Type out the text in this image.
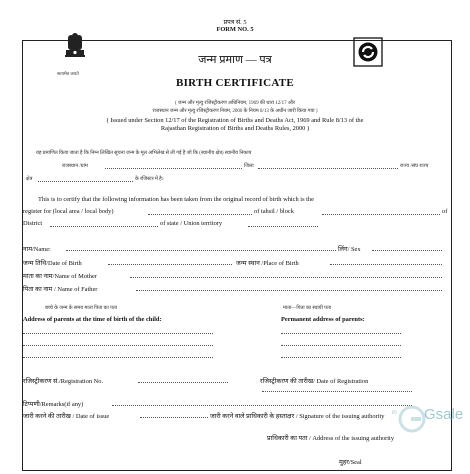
प्रपत्र सं. 5
FORM NO. 5
सत्यमेव जयते
जन्म प्रमाण — पत्र
BIRTH CERTIFICATE
( जन्म और मृत्यु रजिस्ट्रीकरण अधिनियम, 1969 की धारा 12/17 और
राजस्थान जन्म और मृत्यु रजिस्ट्रीकरण नियम, 2000 के नियम 8/13 के अधीन जारी किया गया )
( Issued under Section 12/17 of the Registration of Births and Deaths Act, 1969 and Rule 8/13 of the
Rajasthan Registration of Births and Deaths Rules, 2000 )
यह प्रमाणित किया जाता है कि निम्न लिखित सूचना जन्म के मूल अभिलेख से ली गई है जो कि (स्थानीय क्षेत्र) स्थानीय निकाय
राजस्थान /ग्राम	जिला	राज्य /संघ राज्य
क्षेत्र	के रजिस्टर में है।
This is to certify that the following information has been taken from the original record of birth which is the
register for (local area / local body)	of tahsil / block	of
District	of state / Union territory
नाम/Name:	लिंग/ Sex
जन्म तिथि/Date of Birth	जन्म स्थान /Place of Birth
माता का नाम/Name of Mother
पिता का नाम / Name of Father
बच्चे के जन्म के समय माता पिता का पता
Address of parents at the time of birth of the child:
माता—पिता का स्थायी पता
Permanent address of parents:
रजिस्ट्रीकरण सं./Registration No.	रजिस्ट्रीकरण की तारीख/ Date of Registration
टिप्पणी/Remarks(if any)
जारी करने की तारीख / Date of issue	जारी करने वाले प्राधिकारी के हस्ताक्षर / Signature of the issuing authority
प्राधिकारी का पता / Address of the issuing authority
मुहर/Seal
in Gsale
